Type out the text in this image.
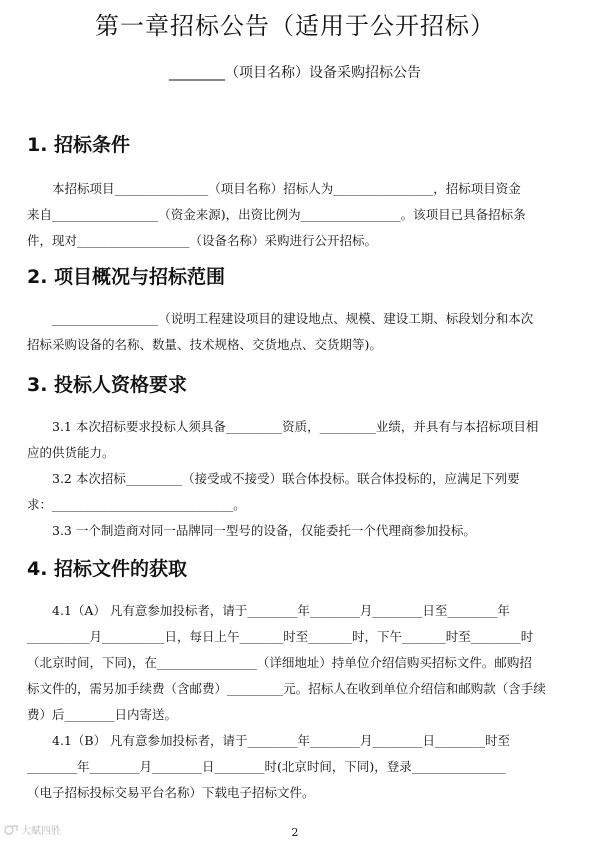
第一章招标公告（适用于公开招标）
________（项目名称）设备采购招标公告
1. 招标条件
　　本招标项目_______________（项目名称）招标人为________________，招标项目资金
来自_________________（资金来源)，出资比例为________________。该项目已具备招标条
件，现对__________________（设备名称）采购进行公开招标。
2. 项目概况与招标范围
　　_________________（说明工程建设项目的建设地点、规模、建设工期、标段划分和本次
招标采购设备的名称、数量、技术规格、交货地点、交货期等)。
3. 投标人资格要求
　　3.1 本次招标要求投标人须具备_________资质，_________业绩，并具有与本招标项目相
应的供货能力。
　　3.2 本次招标_________（接受或不接受）联合体投标。联合体投标的，应满足下列要
求：_____________________________。
　　3.3 一个制造商对同一品牌同一型号的设备，仅能委托一个代理商参加投标。
4. 招标文件的获取
　　4.1（A） 凡有意参加投标者，请于________年________月________日至________年
__________月__________日，每日上午_______时至_______时，下午_______时至________时
（北京时间，下同)，在________________（详细地址）持单位介绍信购买招标文件。邮购招
标文件的，需另加手续费（含邮费）_________元。招标人在收到单位介绍信和邮购款（含手续
费）后________日内寄送。
　　4.1（B） 凡有意参加投标者，请于________年________月________日________时至
________年________月________日________时(北京时间，下同)，登录_______________
（电子招标投标交易平台名称）下载电子招标文件。
2
大赋四胜
